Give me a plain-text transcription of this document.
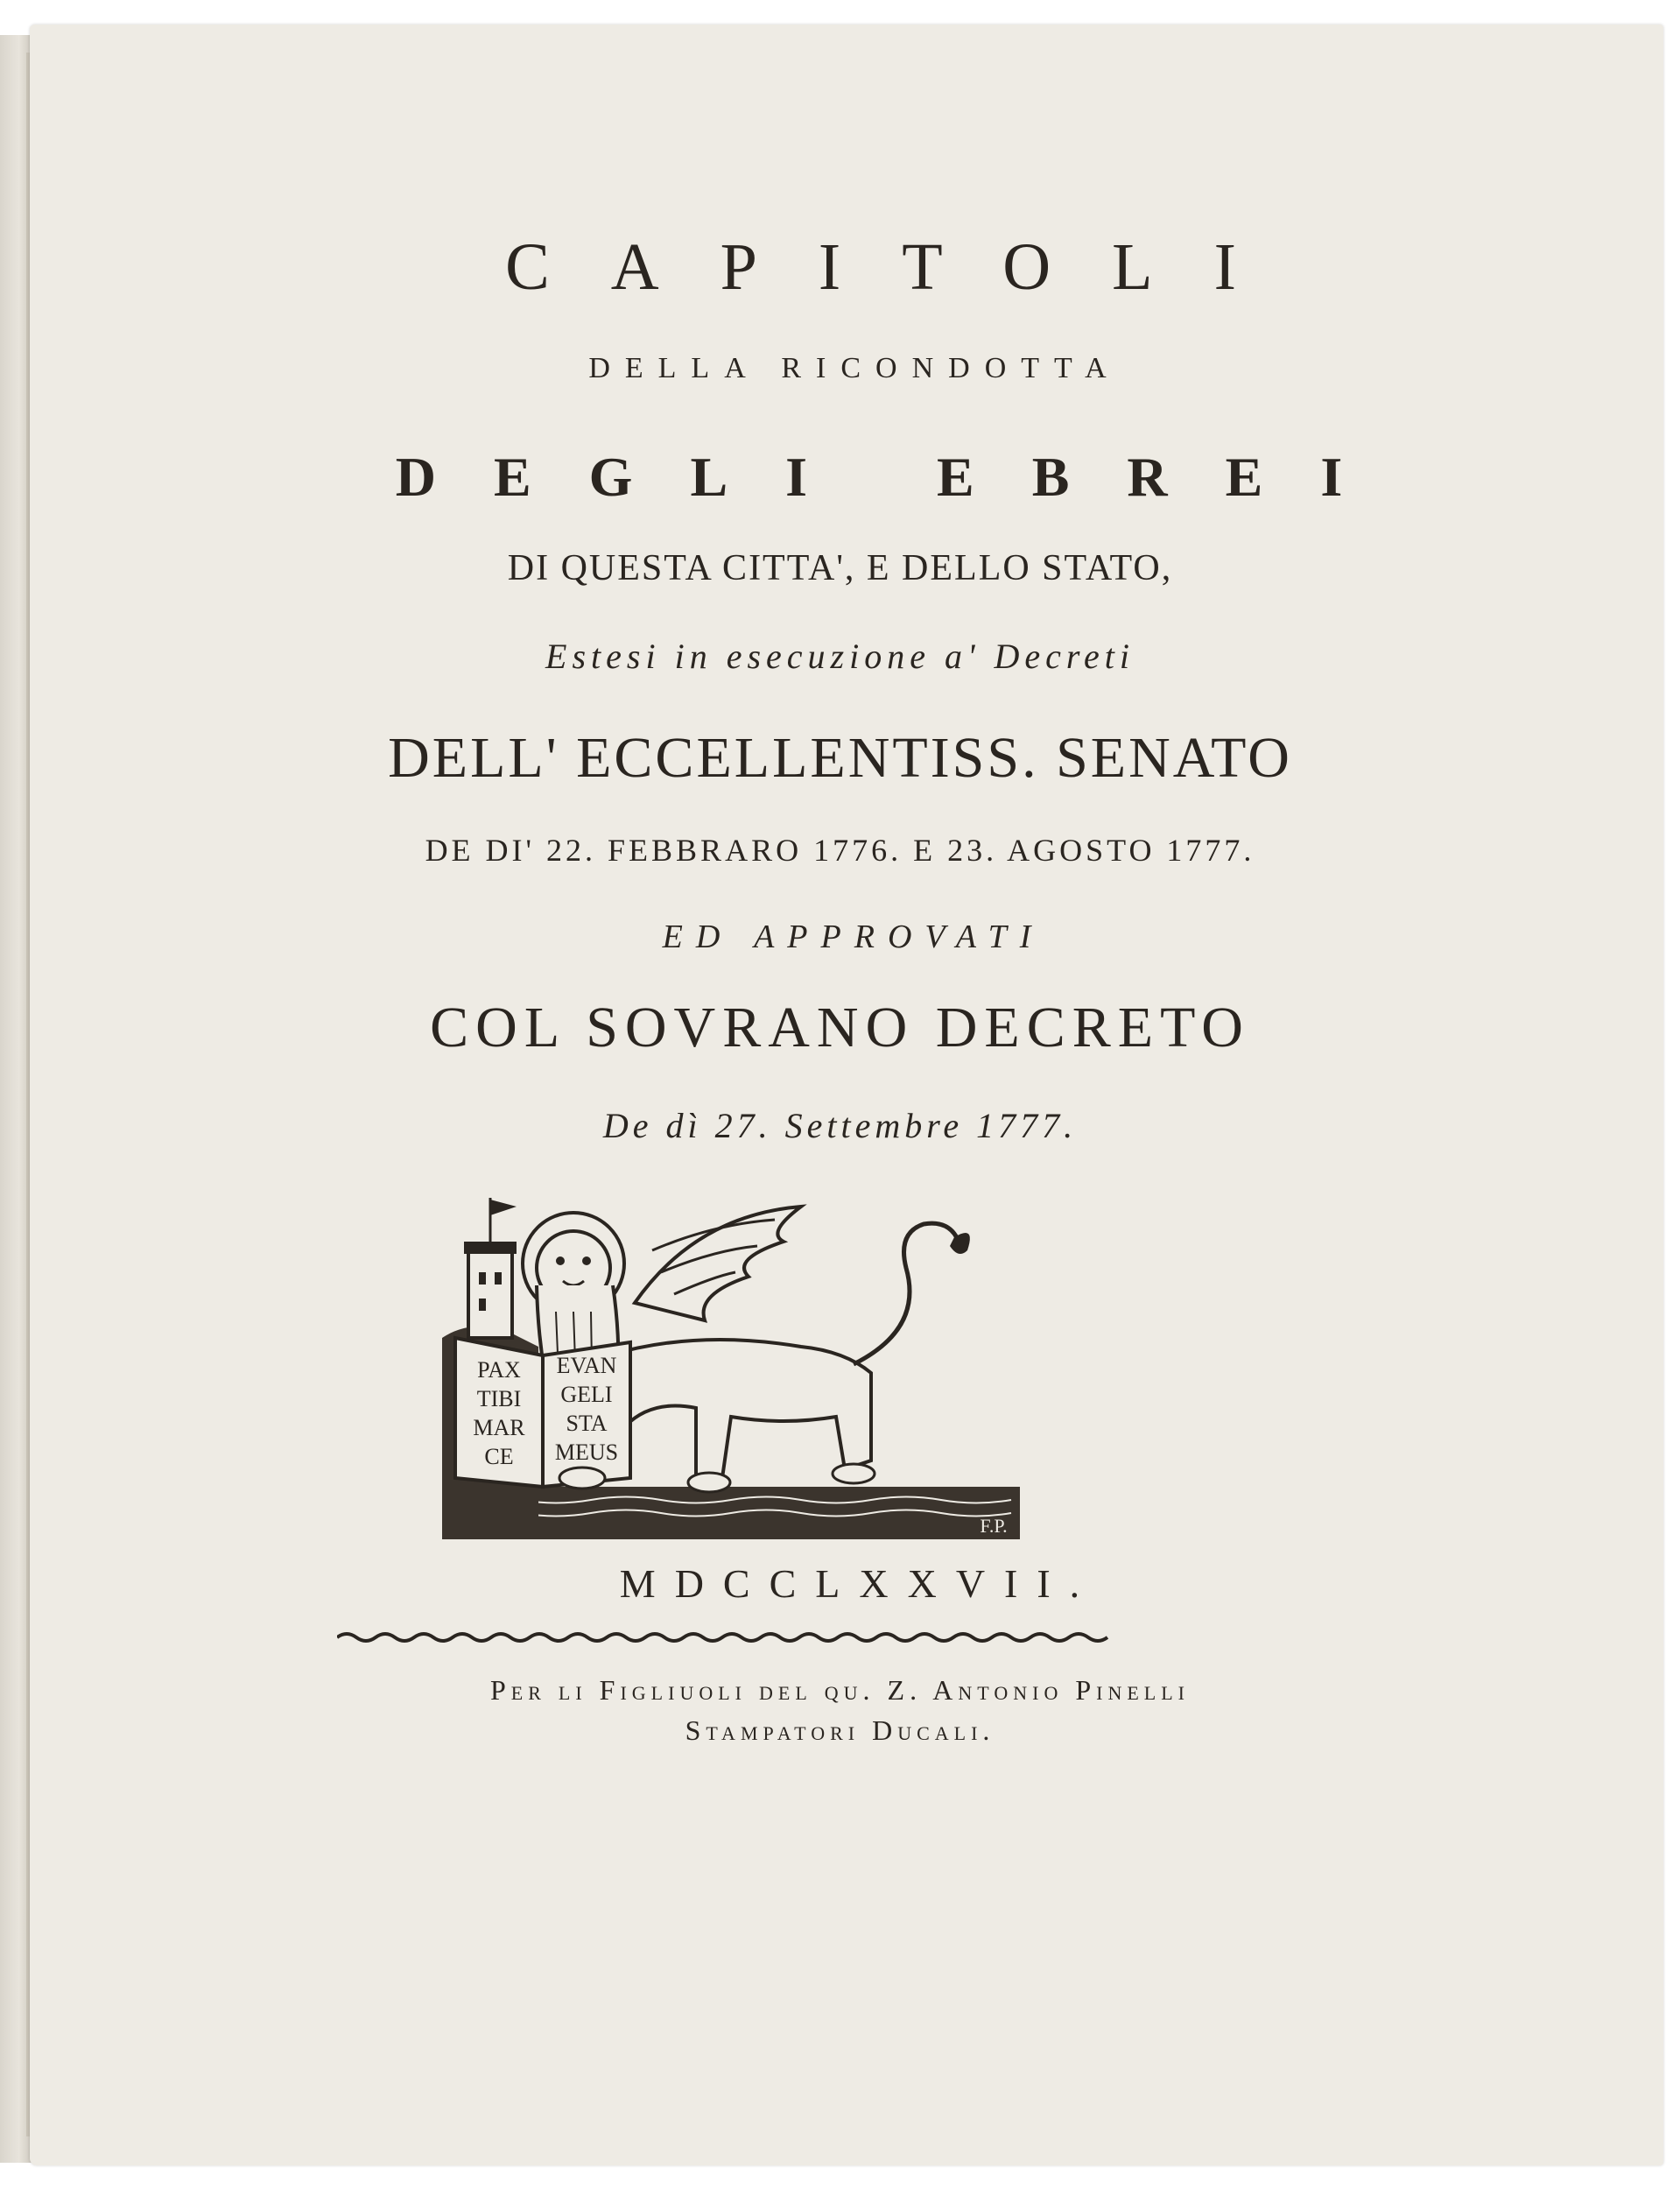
CAPITOLI

DELLA RICONDOTTA

DEGLI EBREI

DI QUESTA CITTA', E DELLO STATO,

Estesi in esecuzione a' Decreti

DELL' ECCELLENTISS. SENATO

DE DI' 22. FEBBRARO 1776. E 23. AGOSTO 1777.

ED APPROVATI

COL SOVRANO DECRETO

De dì 27. Settembre 1777.

PAX
TIBI
MAR
CE
EVAN
GELI
STA
MEUS
F.P.

MDCCLXXVII.

Per li Figliuoli del qu. Z. Antonio Pinelli

Stampatori Ducali.
